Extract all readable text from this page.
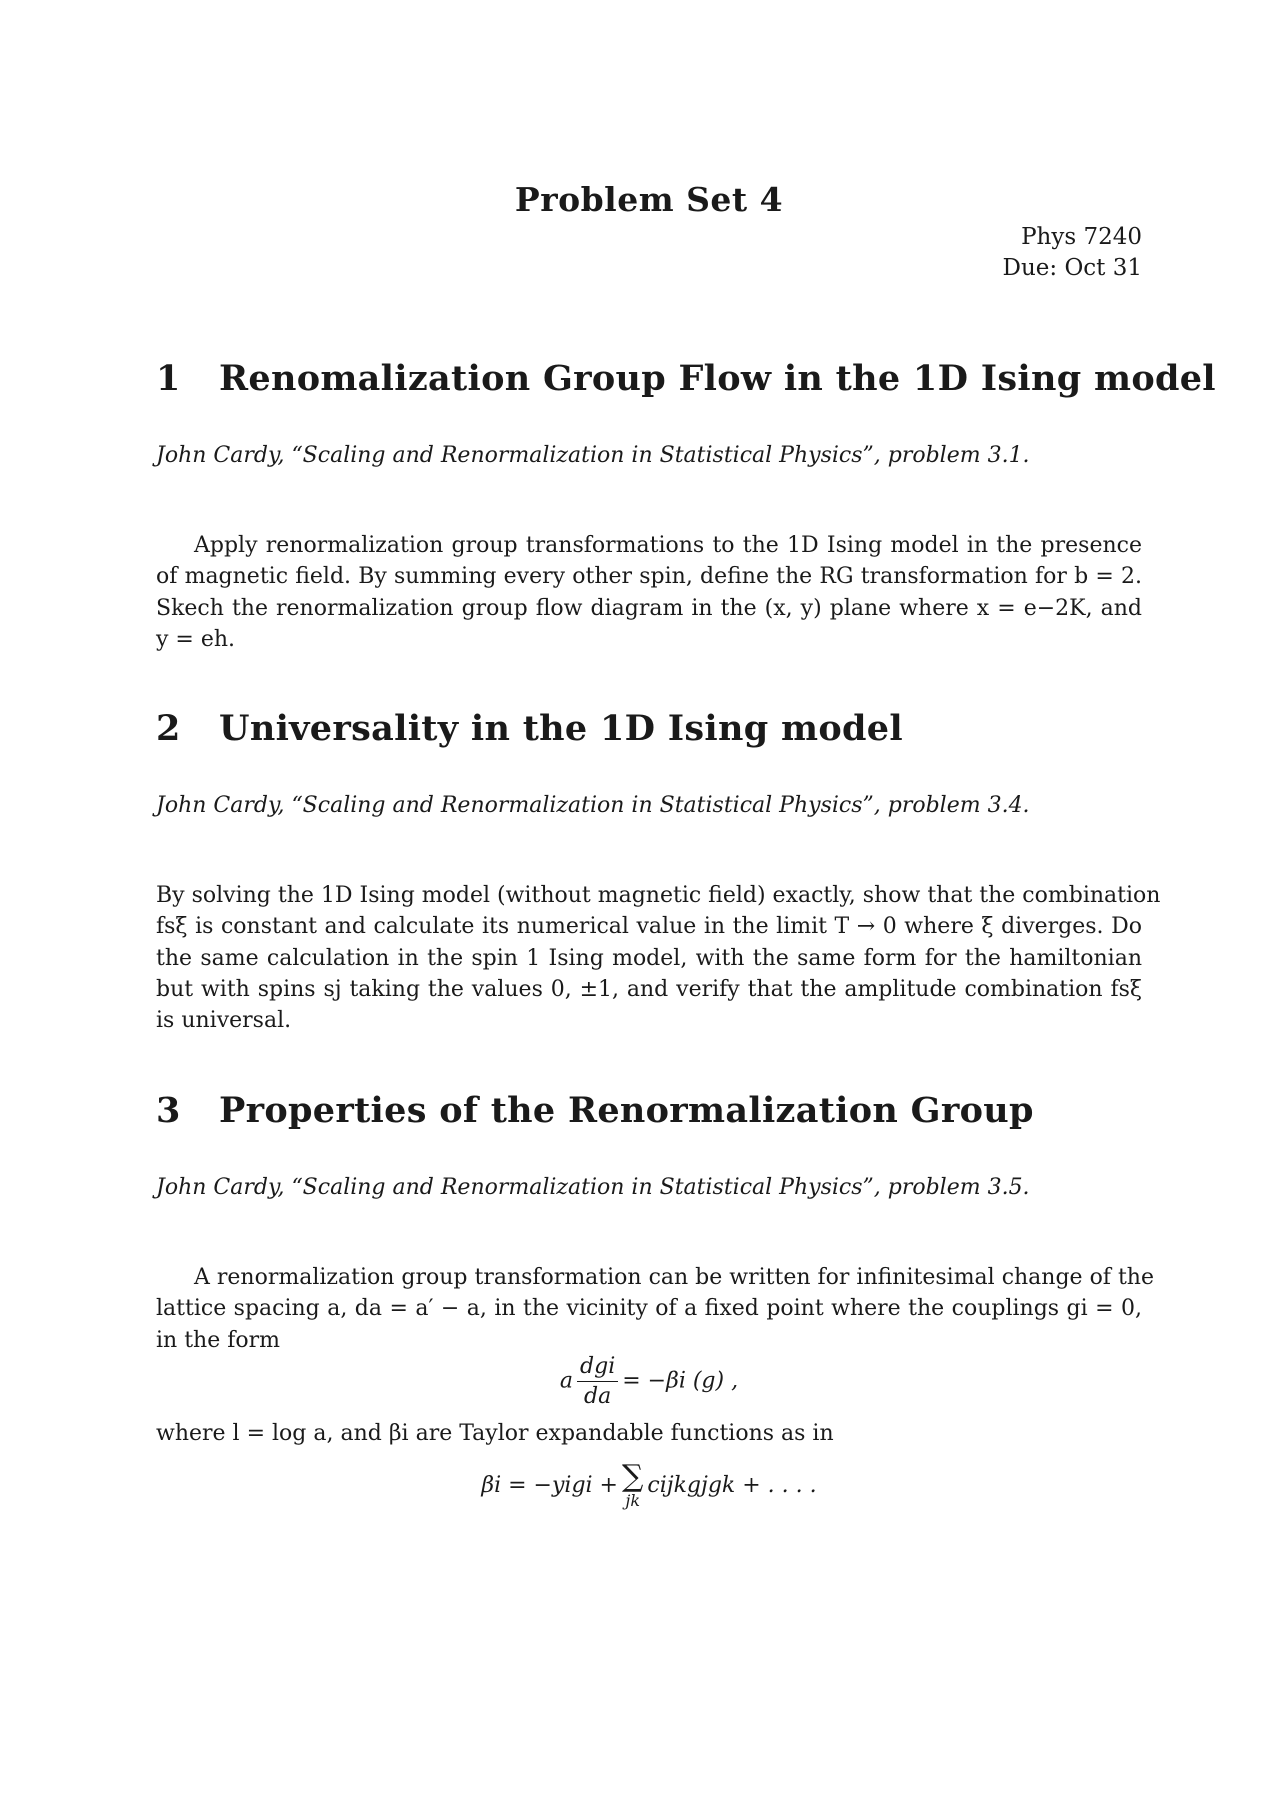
Problem Set 4
Phys 7240
Due: Oct 31
1 Renomalization Group Flow in the 1D Ising model
John Cardy, “Scaling and Renormalization in Statistical Physics”, problem 3.1.
Apply renormalization group transformations to the 1D Ising model in the presence
of magnetic field. By summing every other spin, define the RG transformation for b = 2.
Skech the renormalization group flow diagram in the (x, y) plane where x = e−2K, and
y = eh.
2 Universality in the 1D Ising model
John Cardy, “Scaling and Renormalization in Statistical Physics”, problem 3.4.
By solving the 1D Ising model (without magnetic field) exactly, show that the combination
fsξ is constant and calculate its numerical value in the limit T → 0 where ξ diverges. Do
the same calculation in the spin 1 Ising model, with the same form for the hamiltonian
but with spins sj taking the values 0, ±1, and verify that the amplitude combination fsξ
is universal.
3 Properties of the Renormalization Group
John Cardy, “Scaling and Renormalization in Statistical Physics”, problem 3.5.
A renormalization group transformation can be written for infinitesimal change of the
lattice spacing a, da = a′ − a, in the vicinity of a fixed point where the couplings gi = 0,
in the form
a $\frac{\text{dgi}}{da} = -\beta i$ (g) ,
where l = log a, and βi are Taylor expandable functions as in
βi = −yigi + ∑
jk
cijkgjgk + . . . .
